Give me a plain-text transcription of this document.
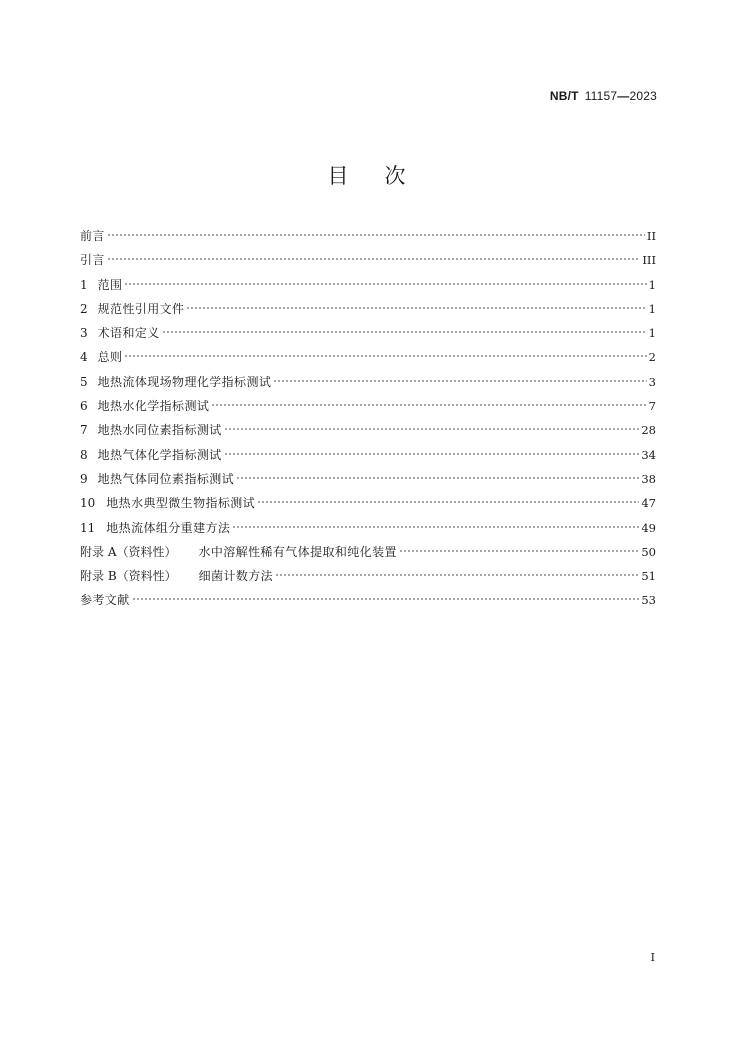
NB/T 11157—2023
目次
前言	II
引言	III
1 范围	1
2 规范性引用文件	1
3 术语和定义	1
4 总则	2
5 地热流体现场物理化学指标测试	3
6 地热水化学指标测试	7
7 地热水同位素指标测试	28
8 地热气体化学指标测试	34
9 地热气体同位素指标测试	38
10 地热水典型微生物指标测试	47
11 地热流体组分重建方法	49
附录 A（资料性） 水中溶解性稀有气体提取和纯化装置	50
附录 B（资料性） 细菌计数方法	51
参考文献	53
I
